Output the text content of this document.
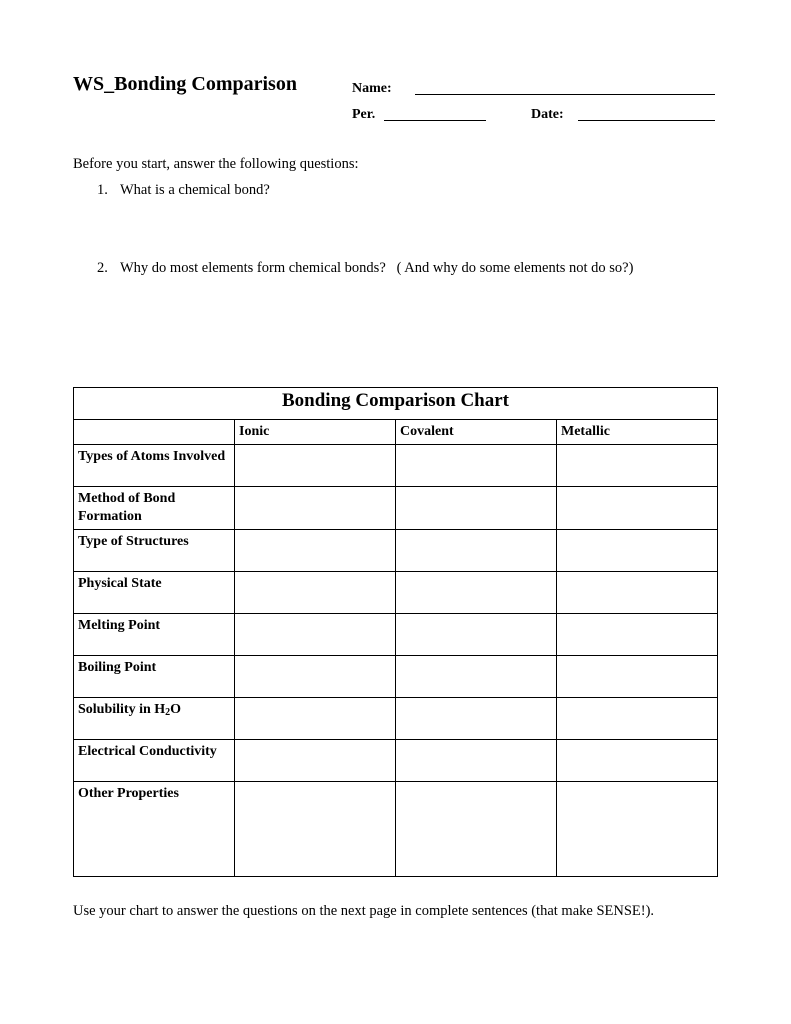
WS_Bonding Comparison	Name:
Per.	Date:
Before you start, answer the following questions:
1. What is a chemical bond?
2. Why do most elements form chemical bonds?   ( And why do some elements not do so?)
Bonding Comparison Chart			
	Ionic	Covalent	Metallic
Types of Atoms Involved			
Method of Bond Formation			
Type of Structures			
Physical State			
Melting Point			
Boiling Point			
Solubility in $H_2O$			
Electrical Conductivity			
Other Properties			
Use your chart to answer the questions on the next page in complete sentences (that make SENSE!).
